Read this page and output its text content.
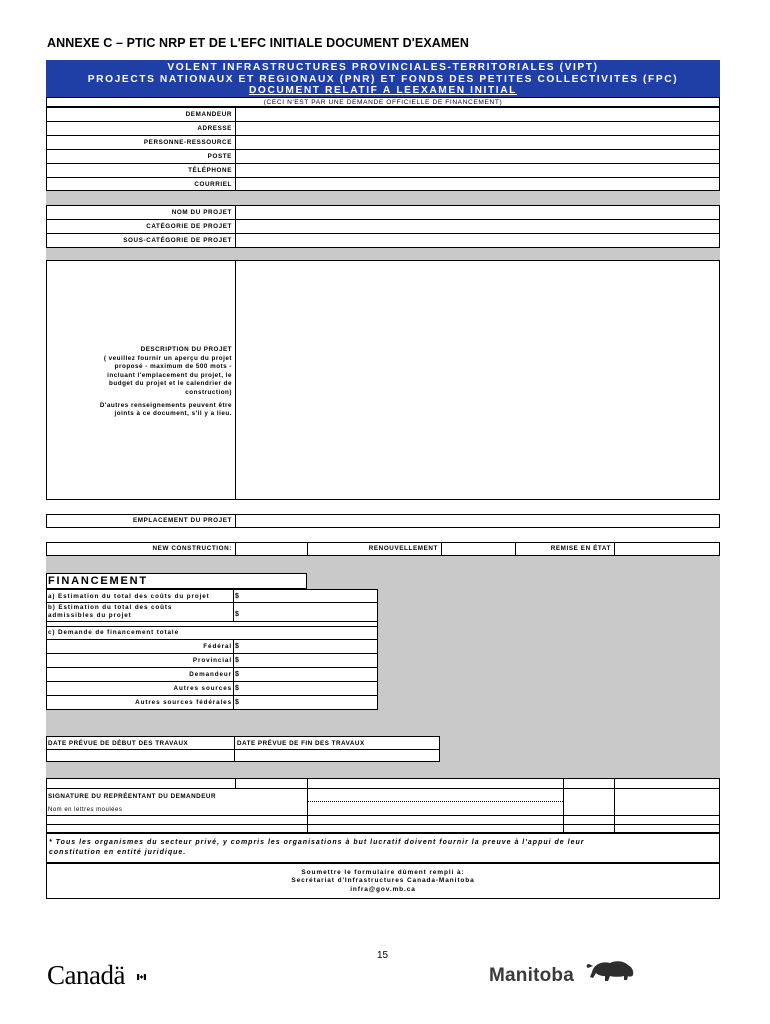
ANNEXE C – PTIC NRP ET DE L'EFC INITIALE DOCUMENT D'EXAMEN
VOLENT INFRASTRUCTURES PROVINCIALES-TERRITORIALES (VIPT)
PROJECTS NATIONAUX ET RÉGIONAUX (PNR) ET FONDS DES PETITES COLLECTIVITÉS (FPC)
DOCUMENT RELATIF À LÉEXAMEN INITIAL
(CECI N'EST PAR UNE DEMANDE OFFICIELLE DE FINANCEMENT)
DEMANDEUR
ADRESSE
PERSONNE-RESSOURCE
POSTE
TÉLÉPHONE
COURRIEL
NOM DU PROJET
CATÉGORIE DE PROJET
SOUS-CATÉGORIE DE PROJET
DESCRIPTION DU PROJET
( veuillez fournir un aperçu du projet
proposé - maximum de 500 mots -
incluant l'emplacement du projet, le
budget du projet et le calendrier de
construction)
D'autres renseignements peuvent être
joints à ce document, s'il y a lieu.
EMPLACEMENT DU PROJET
NEW CONSTRUCTION:	RENOUVELLEMENT	REMISE EN ÉTAT
FINANCEMENT
a) Estimation du total des coûts du projet	$
b) Estimation du total des coûts
admissibles du projet	$
c) Demande de financement totale
Fédéral $
Provincial $
Demandeur $
Autres sources $
Autres sources fédérales $
DATE PRÉVUE DE DÉBUT DES TRAVAUX	DATE PRÉVUE DE FIN DES TRAVAUX
SIGNATURE DU REPRÉENTANT DU DEMANDEUR
Nom en lettres moulées
* Tous les organismes du secteur privé, y compris les organisations à but lucratif doivent fournir la preuve à l'appui de leur
constitution en entité juridique.
Soumettre le formulaire dûment rempli à:
Secrétariat d'Infrastructures Canada-Manitoba
infra@gov.mb.ca
15
Canadä	Manitoba
